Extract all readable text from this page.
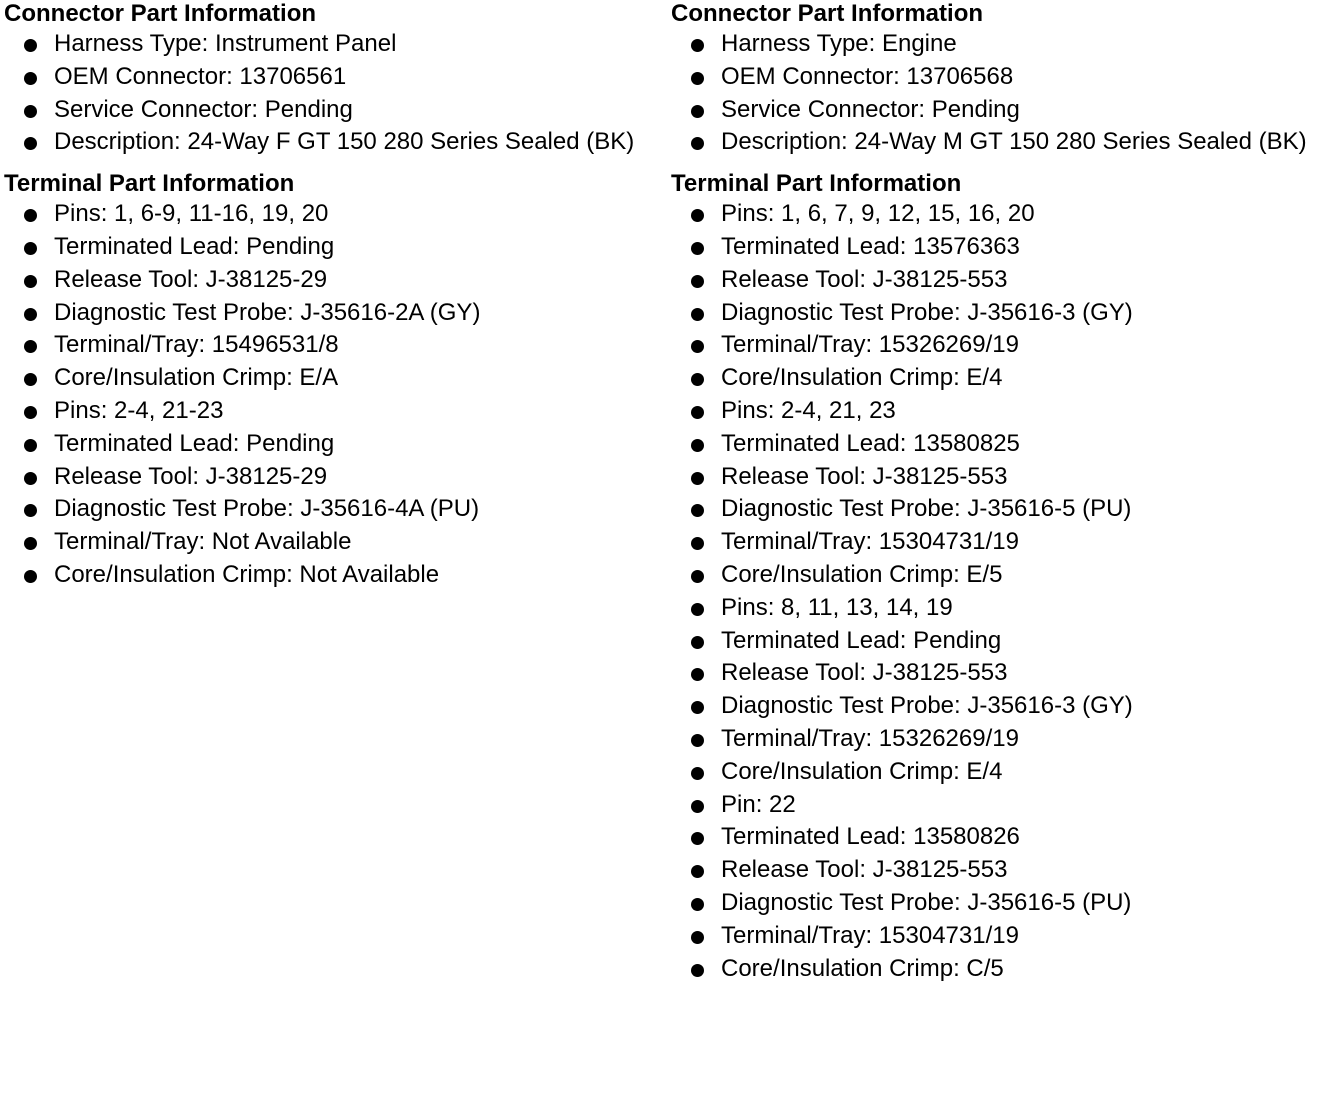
Connector Part Information
Harness Type: Instrument Panel
OEM Connector: 13706561
Service Connector: Pending
Description: 24-Way F GT 150 280 Series Sealed (BK)
Terminal Part Information
Pins: 1, 6-9, 11-16, 19, 20
Terminated Lead: Pending
Release Tool: J-38125-29
Diagnostic Test Probe: J-35616-2A (GY)
Terminal/Tray: 15496531/8
Core/Insulation Crimp: E/A
Pins: 2-4, 21-23
Terminated Lead: Pending
Release Tool: J-38125-29
Diagnostic Test Probe: J-35616-4A (PU)
Terminal/Tray: Not Available
Core/Insulation Crimp: Not Available
Connector Part Information
Harness Type: Engine
OEM Connector: 13706568
Service Connector: Pending
Description: 24-Way M GT 150 280 Series Sealed (BK)
Terminal Part Information
Pins: 1, 6, 7, 9, 12, 15, 16, 20
Terminated Lead: 13576363
Release Tool: J-38125-553
Diagnostic Test Probe: J-35616-3 (GY)
Terminal/Tray: 15326269/19
Core/Insulation Crimp: E/4
Pins: 2-4, 21, 23
Terminated Lead: 13580825
Release Tool: J-38125-553
Diagnostic Test Probe: J-35616-5 (PU)
Terminal/Tray: 15304731/19
Core/Insulation Crimp: E/5
Pins: 8, 11, 13, 14, 19
Terminated Lead: Pending
Release Tool: J-38125-553
Diagnostic Test Probe: J-35616-3 (GY)
Terminal/Tray: 15326269/19
Core/Insulation Crimp: E/4
Pin: 22
Terminated Lead: 13580826
Release Tool: J-38125-553
Diagnostic Test Probe: J-35616-5 (PU)
Terminal/Tray: 15304731/19
Core/Insulation Crimp: C/5
